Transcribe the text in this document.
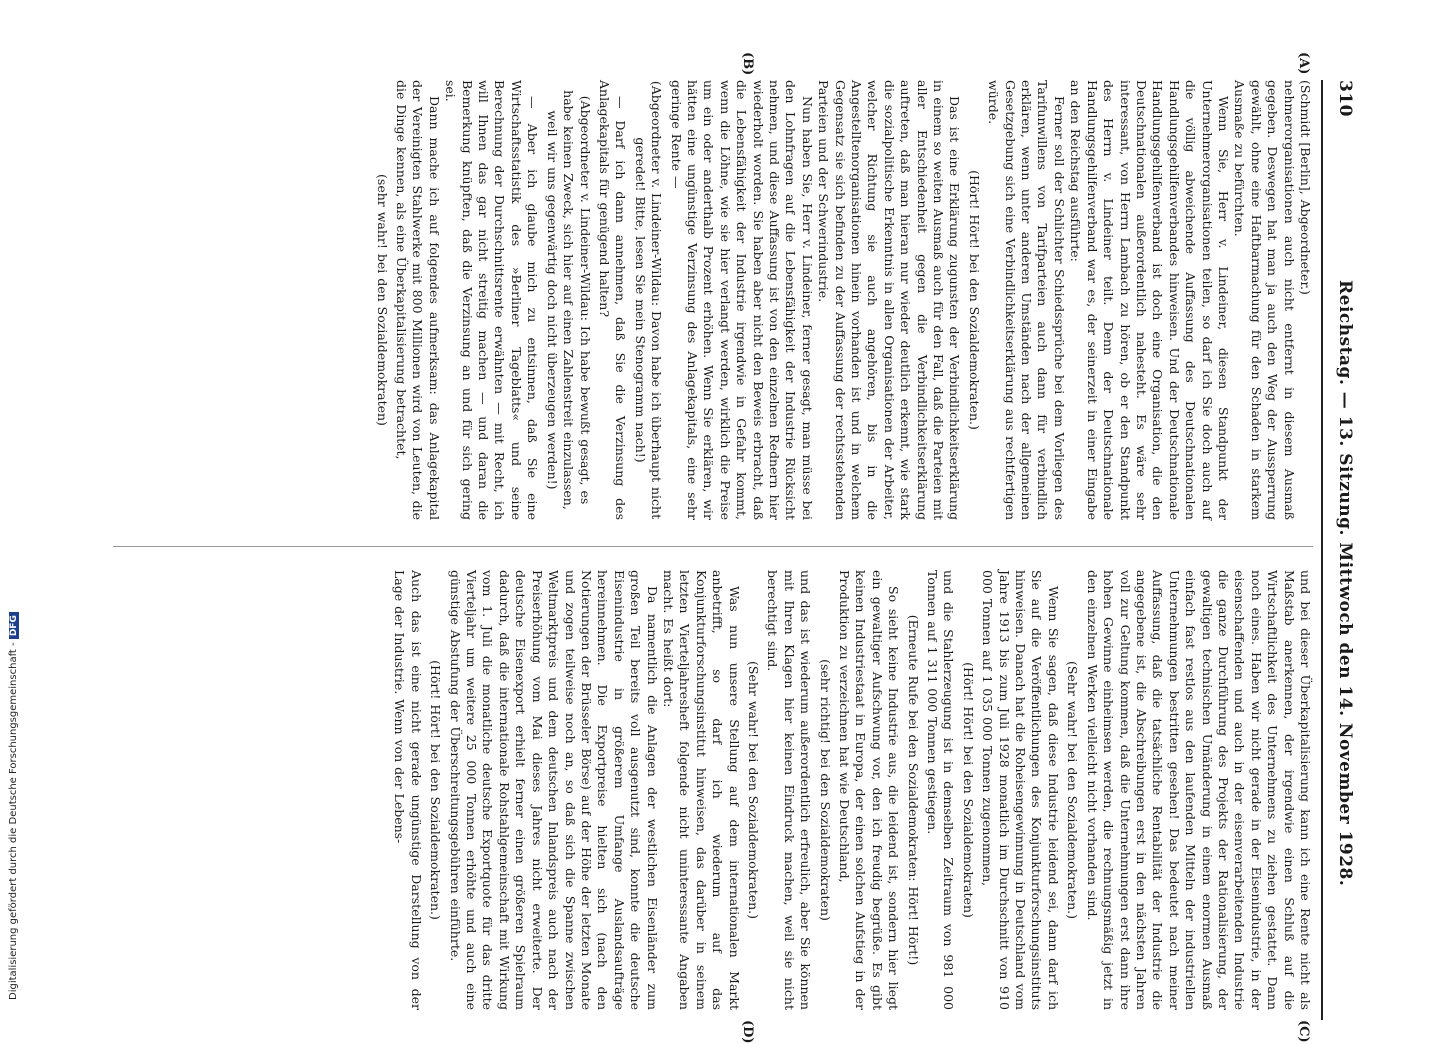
310
Reichstag. — 13. Sitzung. Mittwoch den 14. November 1928.
(A)
(B)
(C)
(D)

(Schmidt [Berlin], Abgeordneter.)

nehmerorganisationen auch nicht entfernt in diesem Ausmaß gegeben. Deswegen hat man ja auch den Weg der Aussperrung gewählt, ohne eine Haftbarmachung für den Schaden in starkem Ausmaße zu befürchten.

Wenn Sie, Herr v. Lindeiner, diesen Standpunkt der Unternehmerorganisationen teilen, so darf ich Sie doch auch auf die völlig abweichende Auffassung des Deutschnationalen Handlungsgehilfenverbandes hinweisen. Und der Deutschnationale Handlungsgehilfenverband ist doch eine Organisation, die den Deutschnationalen außerordentlich nahesteht. Es wäre sehr interessant, von Herrn Lambach zu hören, ob er den Standpunkt des Herrn v. Lindeiner teilt. Denn der Deutschnationale Handlungsgehilfenverband war es, der seinerzeit in einer Eingabe an den Reichstag ausführte:

Ferner soll der Schlichter Schiedssprüche bei dem Vorliegen des Tarifunwillens von Tarifparteien auch dann für verbindlich erklären, wenn unter anderen Umständen nach der allgemeinen Gesetzgebung sich eine Verbindlichkeitserklärung aus rechtfertigen würde.

(Hört! Hört! bei den Sozialdemokraten.)

Das ist eine Erklärung zugunsten der Verbindlichkeitserklärung in einem so weiten Ausmaß auch für den Fall, daß die Parteien mit aller Entschiedenheit gegen die Verbindlichkeitserklärung auftreten, daß man hieran nur wieder deutlich erkennt, wie stark die sozialpolitische Erkenntnis in allen Organisationen der Arbeiter, welcher Richtung sie auch angehören, bis in die Angestelltenorganisationen hinein vorhanden ist und in welchem Gegensatz sie sich befinden zu der Auffassung der rechtsstehenden Parteien und der Schwerindustrie.

Nun haben Sie, Herr v. Lindeiner, ferner gesagt, man müsse bei den Lohnfragen auf die Lebensfähigkeit der Industrie Rücksicht nehmen, und diese Auffassung ist von den einzelnen Rednern hier wiederholt worden. Sie haben aber nicht den Beweis erbracht, daß die Lebensfähigkeit der Industrie irgendwie in Gefahr kommt, wenn die Löhne, wie sie hier verlangt werden, wirklich die Preise um ein oder anderthalb Prozent erhöhen. Wenn Sie erklären, wir hätten eine ungünstige Verzinsung des Anlagekapitals, eine sehr geringe Rente —

(Abgeordneter v. Lindeiner-Wildau: Davon habe ich überhaupt nicht geredet! Bitte, lesen Sie mein Stenogramm nach!)

— Darf ich dann annehmen, daß Sie die Verzinsung des Anlagekapitals für genügend halten?

(Abgeordneter v. Lindeiner-Wildau: Ich habe bewußt gesagt, es habe keinen Zweck, sich hier auf einen Zahlenstreit einzulassen, weil wir uns gegenwärtig doch nicht überzeugen werden!)

— Aber ich glaube mich zu entsinnen, daß Sie eine Wirtschaftsstatistik des »Berliner Tageblatts« und seine Berechnung der Durchschnittsrente erwähnten — mit Recht, ich will Ihnen das gar nicht streitig machen — und daran die Bemerkung knüpften, daß die Verzinsung an und für sich gering sei.

Dann mache ich auf folgendes aufmerksam: das Anlagekapital der Vereinigten Stahlwerke mit 800 Millionen wird von Leuten, die die Dinge kennen, als eine Überkapitalisierung betrachtet,

(sehr wahr! bei den Sozialdemokraten)

und bei dieser Überkapitalisierung kann ich eine Rente nicht als Maßstab anerkennen, der irgendwie einen Schluß auf die Wirtschaftlichkeit des Unternehmens zu ziehen gestattet. Dann noch eines. Haben wir nicht gerade in der Eisenindustrie, in der eisenschaffenden und auch in der eisenverarbeitenden Industrie die ganze Durchführung des Projekts der Rationalisierung, der gewaltigen technischen Umänderung in einem enormen Ausmaß einfach fast restlos aus den laufenden Mitteln der industriellen Unternehmungen bestritten gesehen! Das bedeutet nach meiner Auffassung, daß die tatsächliche Rentabilität der Industrie die angegebene ist, die Abschreibungen erst in den nächsten Jahren voll zur Geltung kommen, daß die Unternehmungen erst dann ihre hohen Gewinne einheimsen werden, die rechnungsmäßig jetzt in den einzelnen Werken vielleicht nicht vorhanden sind.

(Sehr wahr! bei den Sozialdemokraten.)

Wenn Sie sagen, daß diese Industrie leidend sei, dann darf ich Sie auf die Veröffentlichungen des Konjunkturforschungsinstituts hinweisen. Danach hat die Roheisengewinnung in Deutschland vom Jahre 1913 bis zum Juli 1928 monatlich im Durchschnitt von 910 000 Tonnen auf 1 035 000 Tonnen zugenommen,

(Hört! Hört! bei den Sozialdemokraten)

und die Stahlerzeugung ist in demselben Zeitraum von 981 000 Tonnen auf 1 311 000 Tonnen gestiegen.

(Erneute Rufe bei den Sozialdemokraten: Hört! Hört!)

So sieht keine Industrie aus, die leidend ist, sondern hier liegt ein gewaltiger Aufschwung vor, den ich freudig begrüße. Es gibt keinen Industriestaat in Europa, der einen solchen Aufstieg in der Produktion zu verzeichnen hat wie Deutschland,

(sehr richtig! bei den Sozialdemokraten)

und das ist wiederum außerordentlich erfreulich, aber Sie können mit Ihren Klagen hier keinen Eindruck machen, weil sie nicht berechtigt sind.

(Sehr wahr! bei den Sozialdemokraten.)

Was nun unsere Stellung auf dem internationalen Markt anbetrifft, so darf ich wiederum auf das Konjunkturforschungsinstitut hinweisen, das darüber in seinem letzten Vierteljahresheft folgende nicht uninteressante Angaben macht. Es heißt dort:

Da namentlich die Anlagen der westlichen Eisenländer zum großen Teil bereits voll ausgenutzt sind, konnte die deutsche Eisenindustrie in größerem Umfange Auslandsaufträge hereinnehmen. Die Exportpreise hielten sich (nach den Notierungen der Brüsseler Börse) auf der Höhe der letzten Monate und zogen teilweise noch an, so daß sich die Spanne zwischen Weltmarktpreis und dem deutschen Inlandspreis auch nach der Preiserhöhung vom Mai dieses Jahres nicht erweiterte. Der deutsche Eisenexport erhielt ferner einen größeren Spielraum dadurch, daß die internationale Rohstahlgemeinschaft mit Wirkung vom 1. Juli die monatliche deutsche Exportquote für das dritte Vierteljahr um weitere 25 000 Tonnen erhöhte und auch eine günstige Abstufung der Überschreitungsgebühren einführte.

(Hört! Hört! bei den Sozialdemokraten.)

Auch das ist eine nicht gerade ungünstige Darstellung von der Lage der Industrie. Wenn von der Lebens-

Digitalisierung gefördert durch die Deutsche Forschungsgemeinschaft - DFG
